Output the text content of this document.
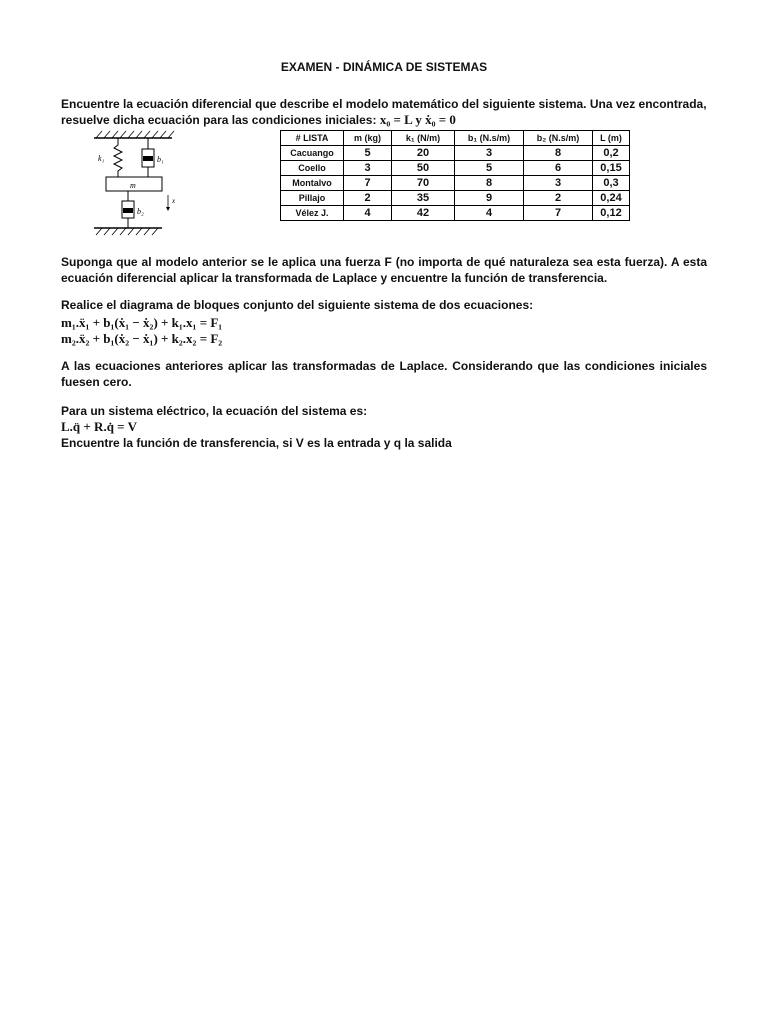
EXAMEN - DINÁMICA DE SISTEMAS
Encuentre la ecuación diferencial que describe el modelo matemático del siguiente sistema. Una vez encontrada,
resuelve dicha ecuación para las condiciones iniciales: x₀ = L y ẋ₀ = 0
k₁	b₁
m
b₂
x
# LISTA	m (kg)	k₁ (N/m)	b₁ (N.s/m)	b₂ (N.s/m)	L (m)
Cacuango	5	20	3	8	0,2
Coello	3	50	5	6	0,15
Montalvo	7	70	8	3	0,3
Pillajo	2	35	9	2	0,24
Vélez J.	4	42	4	7	0,12
Suponga que al modelo anterior se le aplica una fuerza F (no importa de qué naturaleza sea esta fuerza). A esta ecuación diferencial aplicar la transformada de Laplace y encuentre la función de transferencia.
Realice el diagrama de bloques conjunto del siguiente sistema de dos ecuaciones:
m₁.ẍ₁ + b₁(ẋ₁ − ẋ₂) + k₁.x₁ = F₁
m₂.ẍ₂ + b₁(ẋ₂ − ẋ₁) + k₂.x₂ = F₂
A las ecuaciones anteriores aplicar las transformadas de Laplace. Considerando que las condiciones iniciales fuesen cero.
Para un sistema eléctrico, la ecuación del sistema es:
L.q̈ + R.q̇ = V
Encuentre la función de transferencia, si V es la entrada y q la salida
